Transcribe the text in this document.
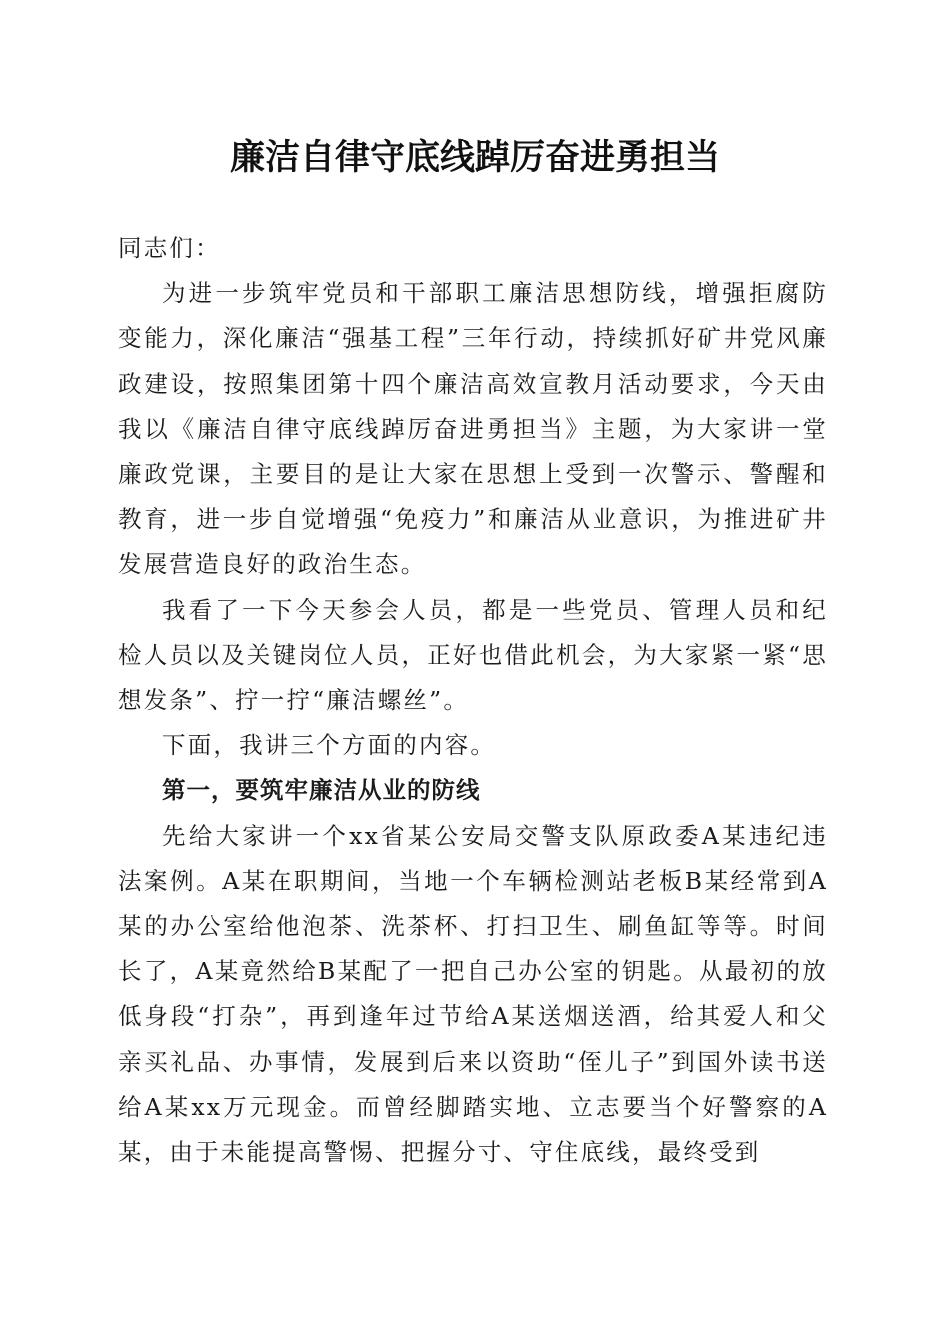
廉洁自律守底线踔厉奋进勇担当

同志们：

为进一步筑牢党员和干部职工廉洁思想防线，增强拒腐防变能力，深化廉洁“强基工程”三年行动，持续抓好矿井党风廉政建设，按照集团第十四个廉洁高效宣教月活动要求，今天由我以《廉洁自律守底线踔厉奋进勇担当》主题，为大家讲一堂廉政党课，主要目的是让大家在思想上受到一次警示、警醒和教育，进一步自觉增强“免疫力”和廉洁从业意识，为推进矿井发展营造良好的政治生态。

我看了一下今天参会人员，都是一些党员、管理人员和纪检人员以及关键岗位人员，正好也借此机会，为大家紧一紧“思想发条”、拧一拧“廉洁螺丝”。

下面，我讲三个方面的内容。

第一，要筑牢廉洁从业的防线

先给大家讲一个xx省某公安局交警支队原政委A某违纪违法案例。A某在职期间，当地一个车辆检测站老板B某经常到A某的办公室给他泡茶、洗茶杯、打扫卫生、刷鱼缸等等。时间长了，A某竟然给B某配了一把自己办公室的钥匙。从最初的放低身段“打杂”，再到逢年过节给A某送烟送酒，给其爱人和父亲买礼品、办事情，发展到后来以资助“侄儿子”到国外读书送给A某xx万元现金。而曾经脚踏实地、立志要当个好警察的A某，由于未能提高警惕、把握分寸、守住底线，最终受到
